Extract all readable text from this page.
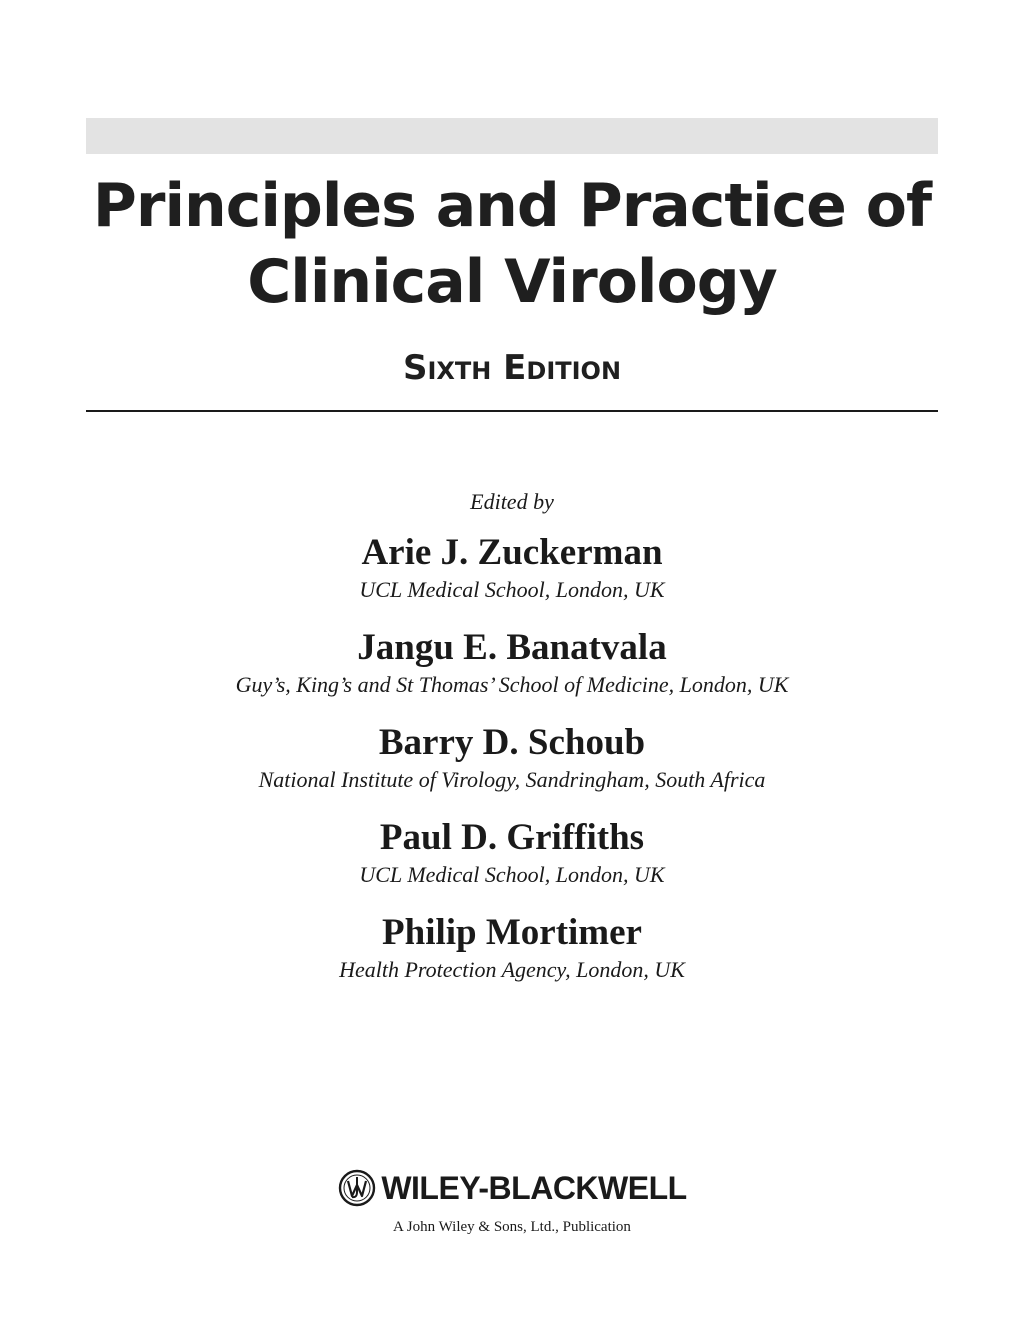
Principles and Practice of
Clinical Virology
Sixth Edition
Edited by
Arie J. Zuckerman
UCL Medical School, London, UK
Jangu E. Banatvala
Guy’s, King’s and St Thomas’ School of Medicine, London, UK
Barry D. Schoub
National Institute of Virology, Sandringham, South Africa
Paul D. Griffiths
UCL Medical School, London, UK
Philip Mortimer
Health Protection Agency, London, UK
WILEY-BLACKWELL
A John Wiley & Sons, Ltd., Publication
